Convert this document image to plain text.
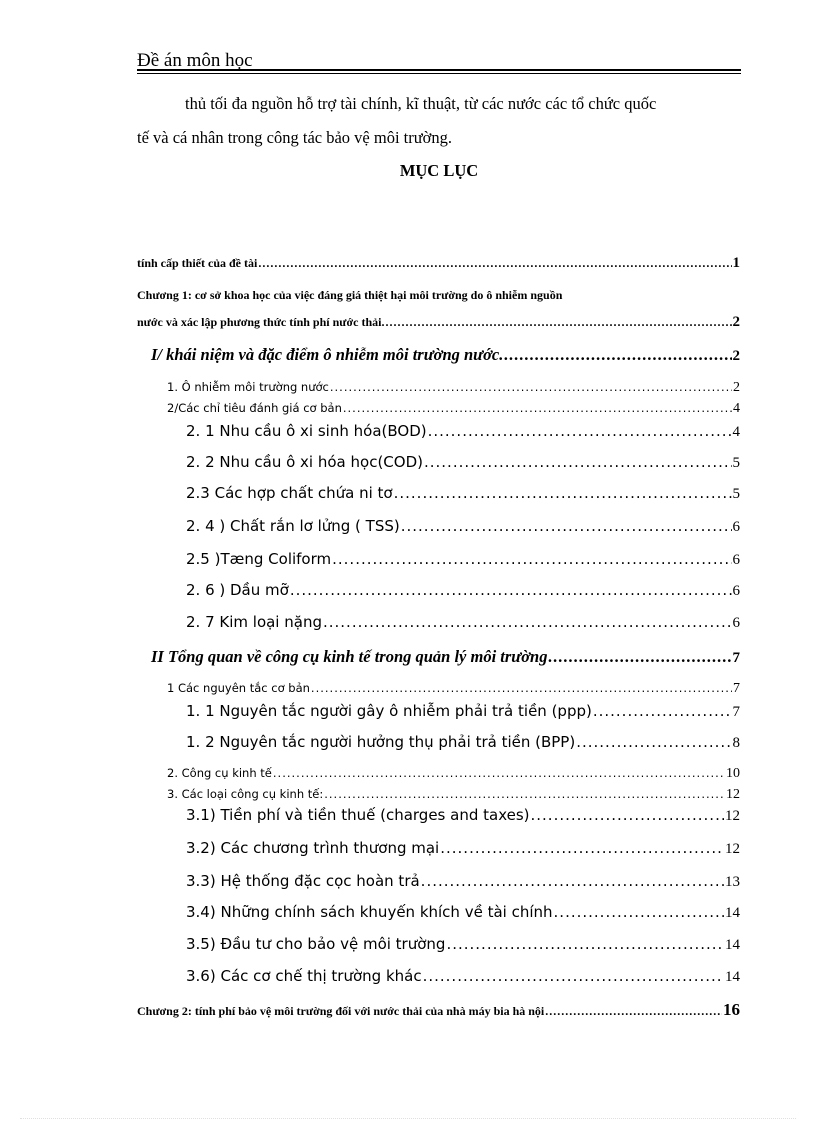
Đề án môn học
thủ tối đa nguồn hỗ trợ tài chính, kĩ thuật, từ các nước các tổ chức quốc
tế và cá nhân trong công tác bảo vệ môi trường.
MỤC LỤC
tính cấp thiết của đề tài .....	1
Chương 1: cơ sở khoa học của việc đáng giá thiệt hại môi trường do ô nhiễm nguồn
nước và xác lập phương thức tính phí nước thải. .....	2
I/ khái niệm và đặc điểm ô nhiễm môi trường nước. .....	2
1. Ô nhiễm môi trường nước .....	2
2/Các chỉ tiêu đánh giá cơ bản .....	4
2. 1 Nhu cầu ô xi sinh hóa(BOD) .....	4
2. 2 Nhu cầu ô xi hóa học(COD) .....	5
2.3 Các hợp chất chứa ni tơ .....	5
2. 4 ) Chất rắn lơ lửng ( TSS) .....	6
2.5 )Tæng Coliform .....	6
2. 6 ) Dầu mỡ .....	6
2. 7 Kim loại nặng .....	6
II Tổng quan về công cụ kinh tế trong quản lý môi trường .....	7
1 Các nguyên tắc cơ bản .....	7
1. 1 Nguyên tắc người gây ô nhiễm phải trả tiền (ppp) .....	7
1. 2 Nguyên tắc người hưởng thụ phải trả tiền (BPP) .....	8
2. Công cụ kinh tế .....	10
3. Các loại công cụ kinh tế: .....	12
3.1) Tiền phí và tiền thuế (charges and taxes) .....	12
3.2) Các chương trình thương mại .....	12
3.3) Hệ thống đặc cọc hoàn trả .....	13
3.4) Những chính sách khuyến khích về tài chính .....	14
3.5) Đầu tư cho bảo vệ môi trường .....	14
3.6) Các cơ chế thị trường khác .....	14
Chương 2: tính phí bảo vệ môi trường đối với nước thải của nhà máy bia hà nội .....	16
